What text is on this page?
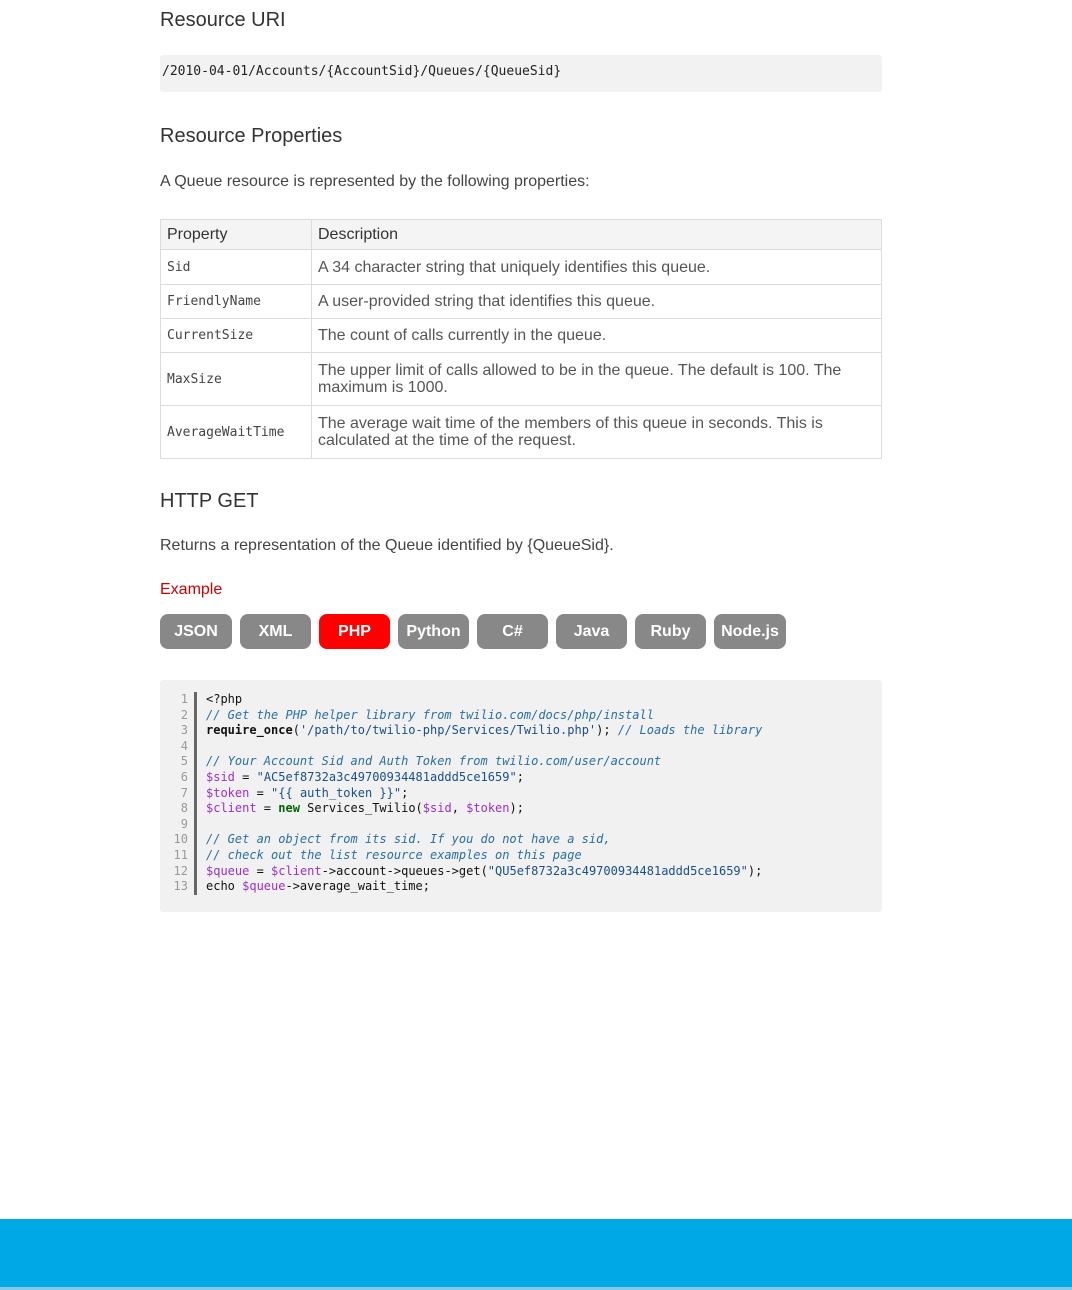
Resource URI
/2010-04-01/Accounts/{AccountSid}/Queues/{QueueSid}
Resource Properties

A Queue resource is represented by the following properties:

Property	Description
Sid	A 34 character string that uniquely identifies this queue.
FriendlyName	A user-provided string that identifies this queue.
CurrentSize	The count of calls currently in the queue.
MaxSize	The upper limit of calls allowed to be in the queue. The default is 100. The maximum is 1000.
AverageWaitTime	The average wait time of the members of this queue in seconds. This is calculated at the time of the request.
HTTP GET

Returns a representation of the Queue identified by {QueueSid}.

Example
JSON	XML	PHP	Python	C#	Java	Ruby	Node.js
1	<?php
2	// Get the PHP helper library from twilio.com/docs/php/install
3	require_once('/path/to/twilio-php/Services/Twilio.php'); // Loads the library
4

5	// Your Account Sid and Auth Token from twilio.com/user/account
6	$sid = "AC5ef8732a3c49700934481addd5ce1659";
7	$token = "{{ auth_token }}";
8	$client = new Services_Twilio($sid, $token);
9

10	// Get an object from its sid. If you do not have a sid,
11	// check out the list resource examples on this page
12	$queue = $client->account->queues->get("QU5ef8732a3c49700934481addd5ce1659");
13	echo $queue->average_wait_time;
